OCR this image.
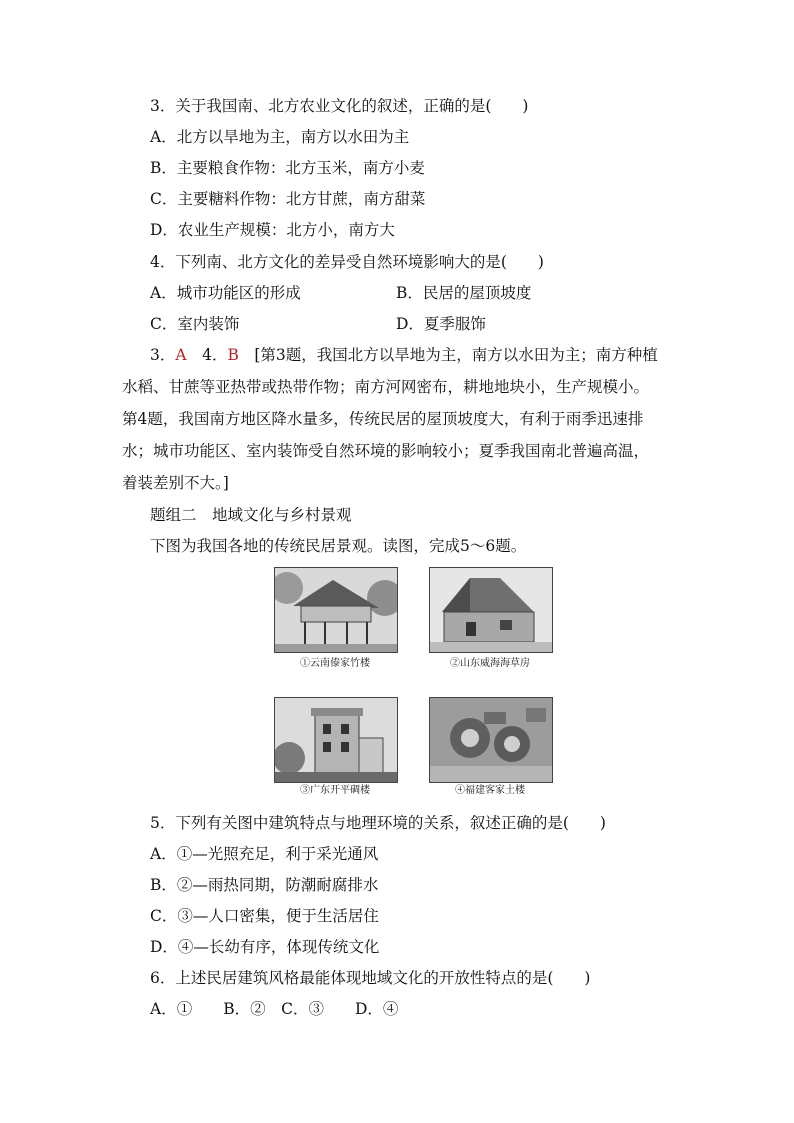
3．关于我国南、北方农业文化的叙述，正确的是(　　)
A．北方以旱地为主，南方以水田为主
B．主要粮食作物：北方玉米，南方小麦
C．主要糖料作物：北方甘蔗，南方甜菜
D．农业生产规模：北方小，南方大
4．下列南、北方文化的差异受自然环境影响大的是(　　)
A．城市功能区的形成	B．民居的屋顶坡度
C．室内装饰	D．夏季服饰
3．A　4．B　[第3题，我国北方以旱地为主，南方以水田为主；南方种植
水稻、甘蔗等亚热带或热带作物；南方河网密布，耕地地块小，生产规模小。
第4题，我国南方地区降水量多，传统民居的屋顶坡度大，有利于雨季迅速排
水；城市功能区、室内装饰受自然环境的影响较小；夏季我国南北普遍高温，
着装差别不大。]
题组二　地域文化与乡村景观
下图为我国各地的传统民居景观。读图，完成5～6题。
①云南傣家竹楼	②山东威海海草房
③广东开平碉楼	④福建客家土楼
5．下列有关图中建筑特点与地理环境的关系，叙述正确的是(　　)
A．①—光照充足，利于采光通风
B．②—雨热同期，防潮耐腐排水
C．③—人口密集，便于生活居住
D．④—长幼有序，体现传统文化
6．上述民居建筑风格最能体现地域文化的开放性特点的是(　　)
A．①　　B．②　C．③　　D．④
